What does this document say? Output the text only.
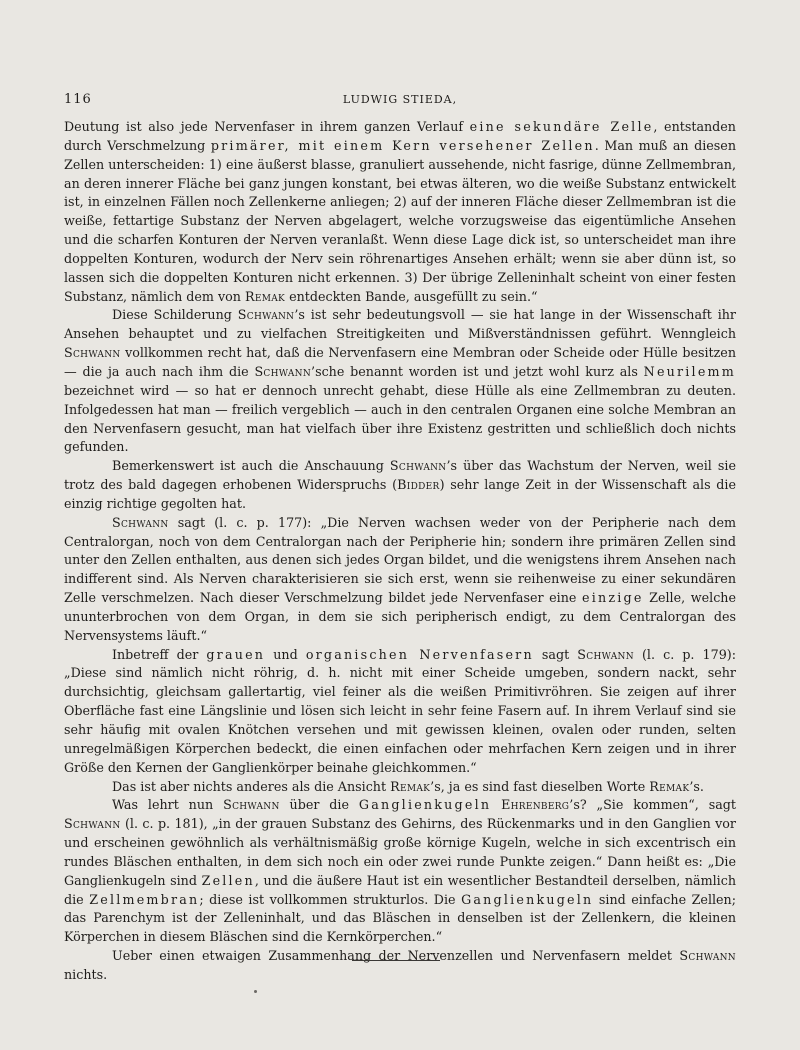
116	LUDWIG STIEDA,

Deutung ist also jede Nervenfaser in ihrem ganzen Verlauf eine sekundäre Zelle, entstanden durch Verschmelzung primärer, mit einem Kern versehener Zellen. Man muß an diesen Zellen unterscheiden: 1) eine äußerst blasse, granuliert aussehende, nicht fasrige, dünne Zellmembran, an deren innerer Fläche bei ganz jungen konstant, bei etwas älteren, wo die weiße Substanz entwickelt ist, in einzelnen Fällen noch Zellenkerne anliegen; 2) auf der inneren Fläche dieser Zellmembran ist die weiße, fettartige Substanz der Nerven abgelagert, welche vorzugsweise das eigentümliche Ansehen und die scharfen Konturen der Nerven veranlaßt. Wenn diese Lage dick ist, so unterscheidet man ihre doppelten Konturen, wodurch der Nerv sein röhrenartiges Ansehen erhält; wenn sie aber dünn ist, so lassen sich die doppelten Konturen nicht erkennen. 3) Der übrige Zelleninhalt scheint von einer festen Substanz, nämlich dem von Remak entdeckten Bande, ausgefüllt zu sein.“

Diese Schilderung Schwann’s ist sehr bedeutungsvoll — sie hat lange in der Wissenschaft ihr Ansehen behauptet und zu vielfachen Streitigkeiten und Mißverständnissen geführt. Wenngleich Schwann vollkommen recht hat, daß die Nervenfasern eine Membran oder Scheide oder Hülle besitzen — die ja auch nach ihm die Schwann’sche benannt worden ist und jetzt wohl kurz als Neurilemm bezeichnet wird — so hat er dennoch unrecht gehabt, diese Hülle als eine Zellmembran zu deuten. Infolgedessen hat man — freilich vergeblich — auch in den centralen Organen eine solche Membran an den Nervenfasern gesucht, man hat vielfach über ihre Existenz gestritten und schließlich doch nichts gefunden.

Bemerkenswert ist auch die Anschauung Schwann’s über das Wachstum der Nerven, weil sie trotz des bald dagegen erhobenen Widerspruchs (Bidder) sehr lange Zeit in der Wissenschaft als die einzig richtige gegolten hat.

Schwann sagt (l. c. p. 177): „Die Nerven wachsen weder von der Peripherie nach dem Centralorgan, noch von dem Centralorgan nach der Peripherie hin; sondern ihre primären Zellen sind unter den Zellen enthalten, aus denen sich jedes Organ bildet, und die wenigstens ihrem Ansehen nach indifferent sind. Als Nerven charakterisieren sie sich erst, wenn sie reihenweise zu einer sekundären Zelle verschmelzen. Nach dieser Verschmelzung bildet jede Nervenfaser eine einzige Zelle, welche ununterbrochen von dem Organ, in dem sie sich peripherisch endigt, zu dem Centralorgan des Nervensystems läuft.“

Inbetreff der grauen und organischen Nervenfasern sagt Schwann (l. c. p. 179): „Diese sind nämlich nicht röhrig, d. h. nicht mit einer Scheide umgeben, sondern nackt, sehr durchsichtig, gleichsam gallertartig, viel feiner als die weißen Primitivröhren. Sie zeigen auf ihrer Oberfläche fast eine Längslinie und lösen sich leicht in sehr feine Fasern auf. In ihrem Verlauf sind sie sehr häufig mit ovalen Knötchen versehen und mit gewissen kleinen, ovalen oder runden, selten unregelmäßigen Körperchen bedeckt, die einen einfachen oder mehrfachen Kern zeigen und in ihrer Größe den Kernen der Ganglienkörper beinahe gleichkommen.“

Das ist aber nichts anderes als die Ansicht Remak’s, ja es sind fast dieselben Worte Remak’s.

Was lehrt nun Schwann über die Ganglienkugeln Ehrenberg’s? „Sie kommen“, sagt Schwann (l. c. p. 181), „in der grauen Substanz des Gehirns, des Rückenmarks und in den Ganglien vor und erscheinen gewöhnlich als verhältnismäßig große körnige Kugeln, welche in sich excentrisch ein rundes Bläschen enthalten, in dem sich noch ein oder zwei runde Punkte zeigen.“ Dann heißt es: „Die Ganglienkugeln sind Zellen, und die äußere Haut ist ein wesentlicher Bestandteil derselben, nämlich die Zellmembran; diese ist vollkommen strukturlos. Die Ganglienkugeln sind einfache Zellen; das Parenchym ist der Zelleninhalt, und das Bläschen in denselben ist der Zellenkern, die kleinen Körperchen in diesem Bläschen sind die Kernkörperchen.“

Ueber einen etwaigen Zusammenhang der Nervenzellen und Nervenfasern meldet Schwann nichts.
